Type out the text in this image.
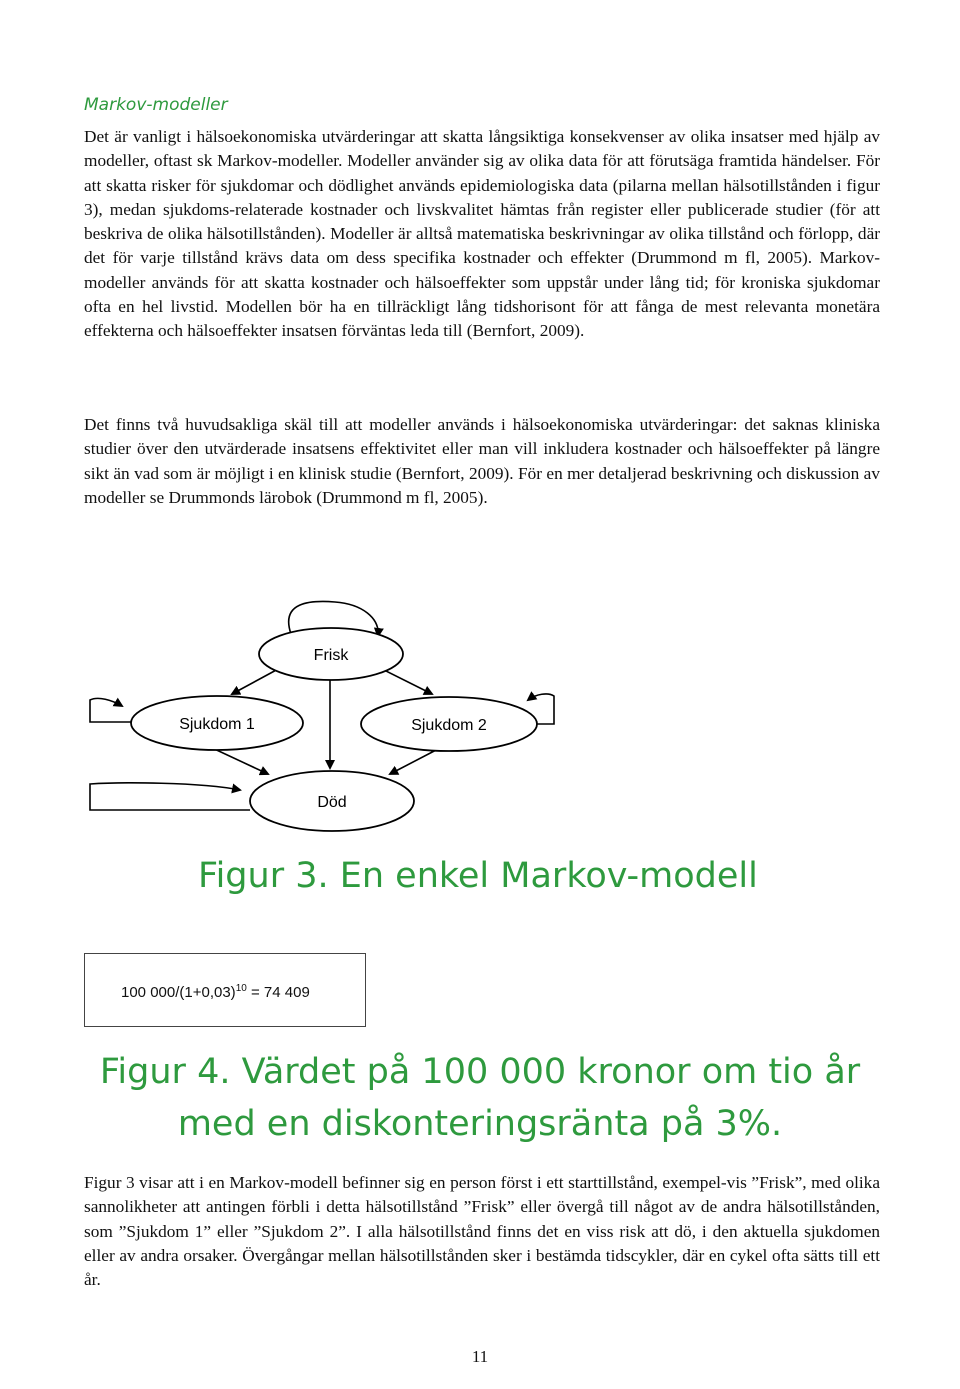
Markov-modeller

Det är vanligt i hälsoekonomiska utvärderingar att skatta långsiktiga konsekvenser av olika insatser med hjälp av modeller, oftast sk Markov-modeller. Modeller använder sig av olika data för att förutsäga framtida händelser. För att skatta risker för sjukdomar och dödlighet används epidemiologiska data (pilarna mellan hälsotillstånden i figur 3), medan sjukdoms-relaterade kostnader och livskvalitet hämtas från register eller publicerade studier (för att beskriva de olika hälsotillstånden). Modeller är alltså matematiska beskrivningar av olika tillstånd och förlopp, där det för varje tillstånd krävs data om dess specifika kostnader och effekter (Drummond m fl, 2005). Markov-modeller används för att skatta kostnader och hälsoeffekter som uppstår under lång tid; för kroniska sjukdomar ofta en hel livstid. Modellen bör ha en tillräckligt lång tidshorisont för att fånga de mest relevanta monetära effekterna och hälsoeffekter insatsen förväntas leda till (Bernfort, 2009).

Det finns två huvudsakliga skäl till att modeller används i hälsoekonomiska utvärderingar: det saknas kliniska studier över den utvärderade insatsens effektivitet eller man vill inkludera kostnader och hälsoeffekter på längre sikt än vad som är möjligt i en klinisk studie (Bernfort, 2009). För en mer detaljerad beskrivning och diskussion av modeller se Drummonds lärobok (Drummond m fl, 2005).

Frisk
Sjukdom 1	Sjukdom 2
Död

Figur 3. En enkel Markov-modell

100 $000/(1+0,03)^{10} = 74$ 409
Figur 4. Värdet på 100 000 kronor om tio år
med en diskonteringsränta på 3%.

Figur 3 visar att i en Markov-modell befinner sig en person först i ett starttillstånd, exempel-vis ”Frisk”, med olika sannolikheter att antingen förbli i detta hälsotillstånd ”Frisk” eller övergå till något av de andra hälsotillstånden, som ”Sjukdom 1” eller ”Sjukdom 2”. I alla hälsotillstånd finns det en viss risk att dö, i den aktuella sjukdomen eller av andra orsaker. Övergångar mellan hälsotillstånden sker i bestämda tidscykler, där en cykel ofta sätts till ett år.

11
